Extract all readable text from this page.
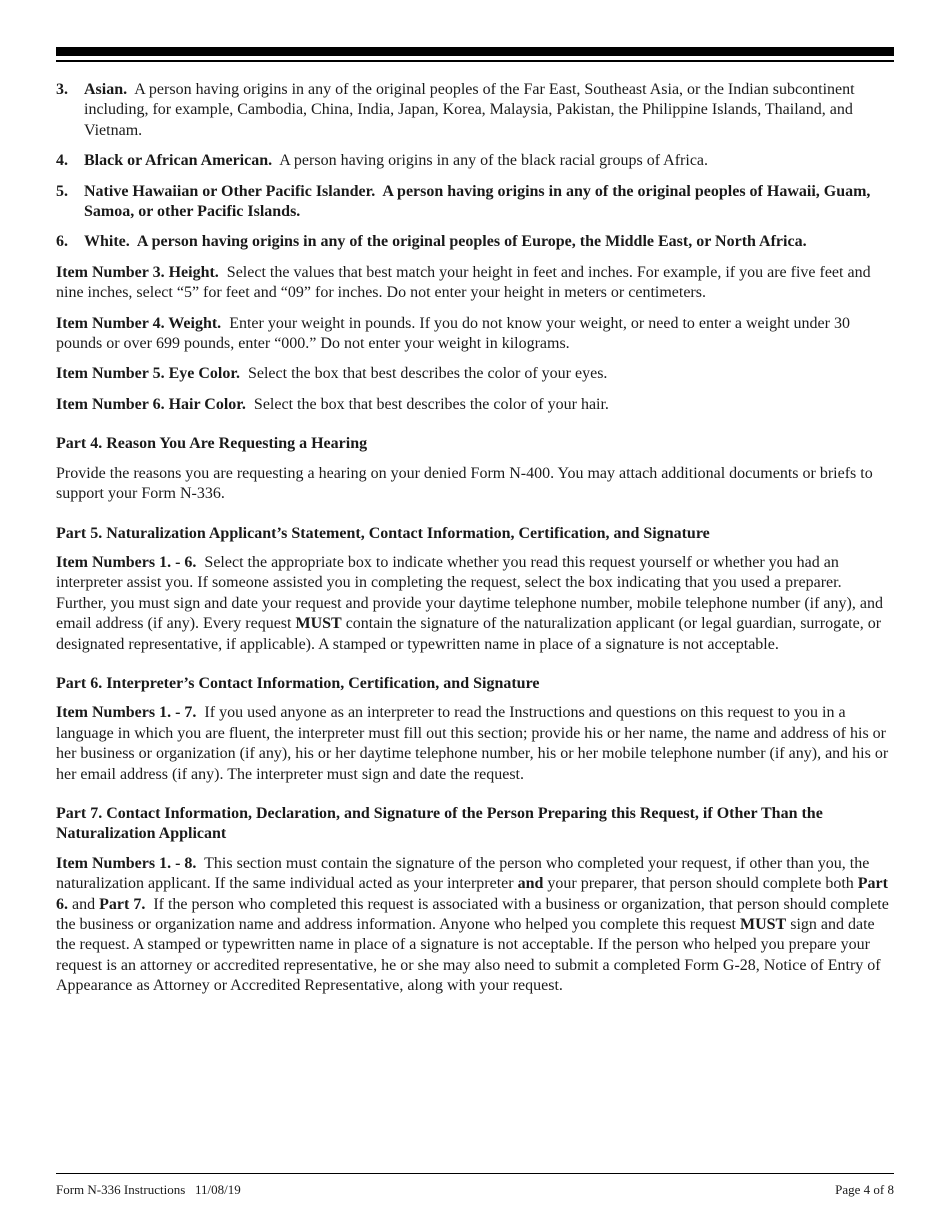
3.	Asian. A person having origins in any of the original peoples of the Far East, Southeast Asia, or the Indian subcontinent including, for example, Cambodia, China, India, Japan, Korea, Malaysia, Pakistan, the Philippine Islands, Thailand, and Vietnam.
4.	Black or African American. A person having origins in any of the black racial groups of Africa.
5.	Native Hawaiian or Other Pacific Islander. A person having origins in any of the original peoples of Hawaii, Guam, Samoa, or other Pacific Islands.
6.	White. A person having origins in any of the original peoples of Europe, the Middle East, or North Africa.

Item Number 3. Height. Select the values that best match your height in feet and inches. For example, if you are five feet and nine inches, select “5” for feet and “09” for inches. Do not enter your height in meters or centimeters.

Item Number 4. Weight. Enter your weight in pounds. If you do not know your weight, or need to enter a weight under 30 pounds or over 699 pounds, enter “000.” Do not enter your weight in kilograms.

Item Number 5. Eye Color. Select the box that best describes the color of your eyes.

Item Number 6. Hair Color. Select the box that best describes the color of your hair.

Part 4. Reason You Are Requesting a Hearing

Provide the reasons you are requesting a hearing on your denied Form N-400. You may attach additional documents or briefs to support your Form N-336.

Part 5. Naturalization Applicant’s Statement, Contact Information, Certification, and Signature

Item Numbers 1. - 6. Select the appropriate box to indicate whether you read this request yourself or whether you had an interpreter assist you. If someone assisted you in completing the request, select the box indicating that you used a preparer. Further, you must sign and date your request and provide your daytime telephone number, mobile telephone number (if any), and email address (if any). Every request MUST contain the signature of the naturalization applicant (or legal guardian, surrogate, or designated representative, if applicable). A stamped or typewritten name in place of a signature is not acceptable.

Part 6. Interpreter’s Contact Information, Certification, and Signature

Item Numbers 1. - 7. If you used anyone as an interpreter to read the Instructions and questions on this request to you in a language in which you are fluent, the interpreter must fill out this section; provide his or her name, the name and address of his or her business or organization (if any), his or her daytime telephone number, his or her mobile telephone number (if any), and his or her email address (if any). The interpreter must sign and date the request.

Part 7. Contact Information, Declaration, and Signature of the Person Preparing this Request, if Other Than the Naturalization Applicant

Item Numbers 1. - 8. This section must contain the signature of the person who completed your request, if other than you, the naturalization applicant. If the same individual acted as your interpreter and your preparer, that person should complete both Part 6. and Part 7. If the person who completed this request is associated with a business or organization, that person should complete the business or organization name and address information. Anyone who helped you complete this request MUST sign and date the request. A stamped or typewritten name in place of a signature is not acceptable. If the person who helped you prepare your request is an attorney or accredited representative, he or she may also need to submit a completed Form G-28, Notice of Entry of Appearance as Attorney or Accredited Representative, along with your request.

Form N-336 Instructions   11/08/19	Page 4 of 8
